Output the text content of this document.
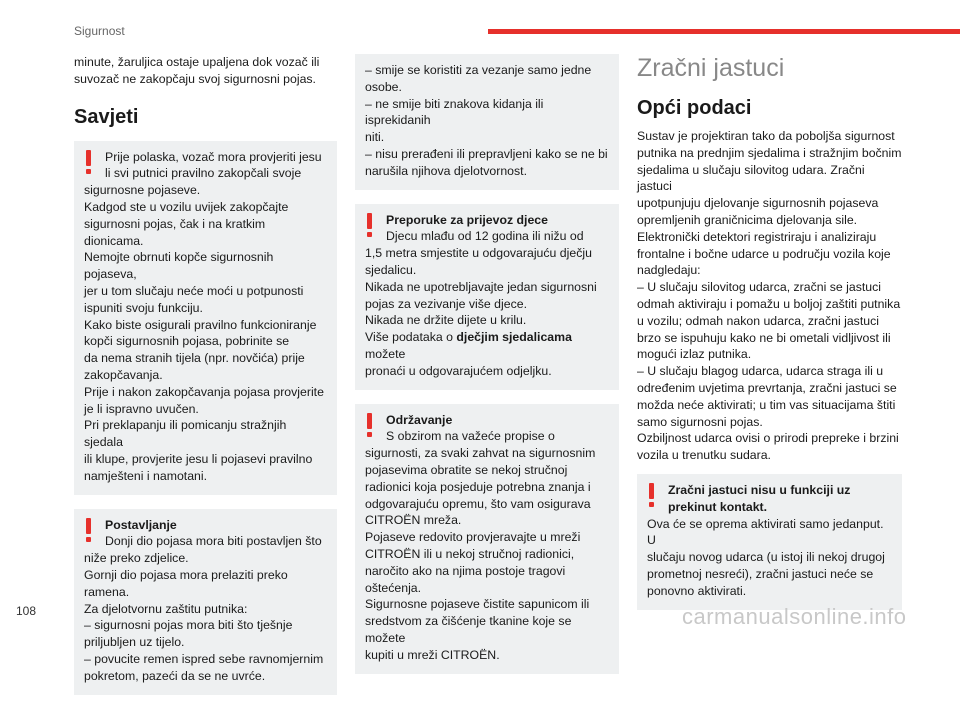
Sigurnost

minute, žaruljica ostaje upaljena dok vozač ili
suvozač ne zakopčaju svoj sigurnosni pojas.

Savjeti

Prije polaska, vozač mora provjeriti jesu
li svi putnici pravilno zakopčali svoje

sigurnosne pojaseve.
Kadgod ste u vozilu uvijek zakopčajte
sigurnosni pojas, čak i na kratkim dionicama.
Nemojte obrnuti kopče sigurnosnih pojaseva,
jer u tom slučaju neće moći u potpunosti
ispuniti svoju funkciju.
Kako biste osigurali pravilno funkcioniranje
kopči sigurnosnih pojasa, pobrinite se
da nema stranih tijela (npr. novčića) prije
zakopčavanja.
Prije i nakon zakopčavanja pojasa provjerite
je li ispravno uvučen.
Pri preklapanju ili pomicanju stražnjih sjedala
ili klupe, provjerite jesu li pojasevi pravilno
namješteni i namotani.

Postavljanje

Donji dio pojasa mora biti postavljen što

niže preko zdjelice.
Gornji dio pojasa mora prelaziti preko
ramena.
Za djelotvornu zaštitu putnika:
– sigurnosni pojas mora biti što tješnje
priljubljen uz tijelo.
– povucite remen ispred sebe ravnomjernim
pokretom, pazeći da se ne uvrće.

– smije se koristiti za vezanje samo jedne
osobe.
– ne smije biti znakova kidanja ili isprekidanih
niti.
– nisu prerađeni ili prepravljeni kako se ne bi
narušila njihova djelotvornost.

Preporuke za prijevoz djece

Djecu mlađu od 12 godina ili nižu od

1,5 metra smjestite u odgovarajuću dječju
sjedalicu.
Nikada ne upotrebljavajte jedan sigurnosni
pojas za vezivanje više djece.
Nikada ne držite dijete u krilu.
Više podataka o dječjim sjedalicama možete
pronaći u odgovarajućem odjeljku.

Održavanje

S obzirom na važeće propise o

sigurnosti, za svaki zahvat na sigurnosnim
pojasevima obratite se nekoj stručnoj
radionici koja posjeduje potrebna znanja i
odgovarajuću opremu, što vam osigurava
CITROËN mreža.
Pojaseve redovito provjeravajte u mreži
CITROËN ili u nekoj stručnoj radionici,
naročito ako na njima postoje tragovi
oštećenja.
Sigurnosne pojaseve čistite sapunicom ili
sredstvom za čišćenje tkanine koje se možete
kupiti u mreži CITROËN.

Zračni jastuci
Opći podaci

Sustav je projektiran tako da poboljša sigurnost
putnika na prednjim sjedalima i stražnjim bočnim
sjedalima u slučaju silovitog udara. Zračni jastuci
upotpunjuju djelovanje sigurnosnih pojaseva
opremljenih graničnicima djelovanja sile.
Elektronički detektori registriraju i analiziraju
frontalne i bočne udarce u području vozila koje
nadgledaju:
– U slučaju silovitog udarca, zračni se jastuci
odmah aktiviraju i pomažu u boljoj zaštiti putnika
u vozilu; odmah nakon udarca, zračni jastuci
brzo se ispuhuju kako ne bi ometali vidljivost ili
mogući izlaz putnika.
– U slučaju blagog udarca, udarca straga ili u
određenim uvjetima prevrtanja, zračni jastuci se
možda neće aktivirati; u tim vas situacijama štiti
samo sigurnosni pojas.
Ozbiljnost udarca ovisi o prirodi prepreke i brzini
vozila u trenutku sudara.

Zračni jastuci nisu u funkciji uz
prekinut kontakt.

Ova će se oprema aktivirati samo jedanput. U
slučaju novog udarca (u istoj ili nekoj drugoj
prometnoj nesreći), zračni jastuci neće se
ponovno aktivirati.

108	carmanualsonline.info
